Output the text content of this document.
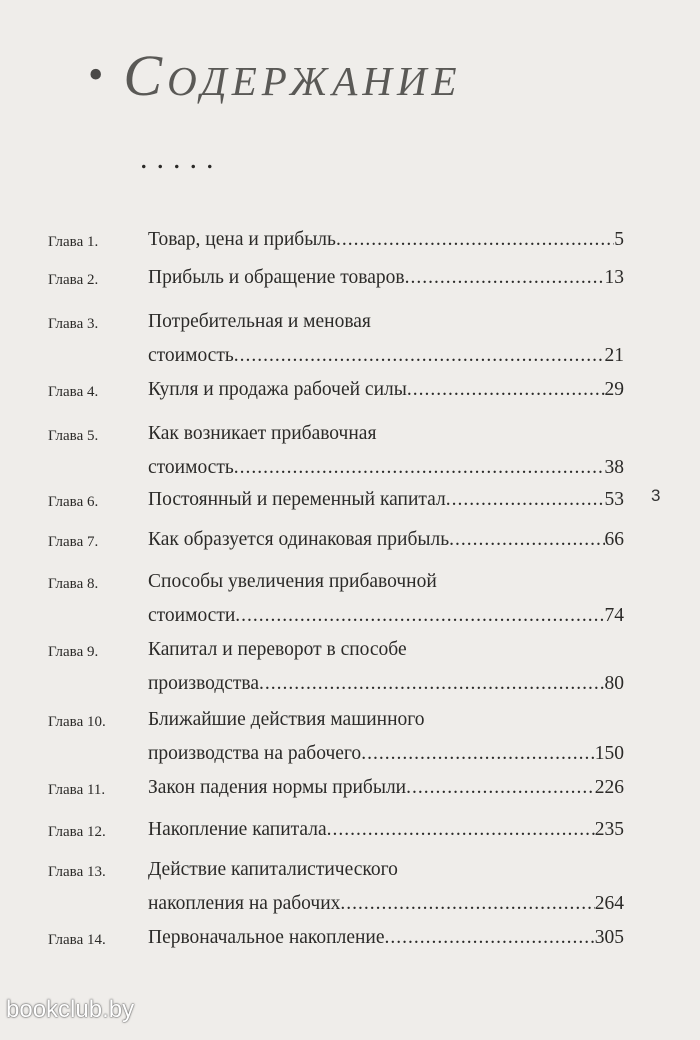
• Содержание
.....
Глава 1.	Товар, цена и прибыль .....	5
Глава 2.	Прибыль и обращение товаров .....	13
Глава 3.	Потребительная и меновая
стоимость .....	21
Глава 4.	Купля и продажа рабочей силы .....	29
Глава 5.	Как возникает прибавочная
стоимость .....	38
Глава 6.	Постоянный и переменный капитал .....	53
Глава 7.	Как образуется одинаковая прибыль .....	66
Глава 8.	Способы увеличения прибавочной
стоимости .....	74
Глава 9.	Капитал и переворот в способе
производства .....	80
Глава 10.	Ближайшие действия машинного
производства на рабочего .....	150
Глава 11.	Закон падения нормы прибыли .....	226
Глава 12.	Накопление капитала .....	235
Глава 13.	Действие капиталистического
накопления на рабочих .....	264
Глава 14.	Первоначальное накопление .....	305
3
bookclub.by
